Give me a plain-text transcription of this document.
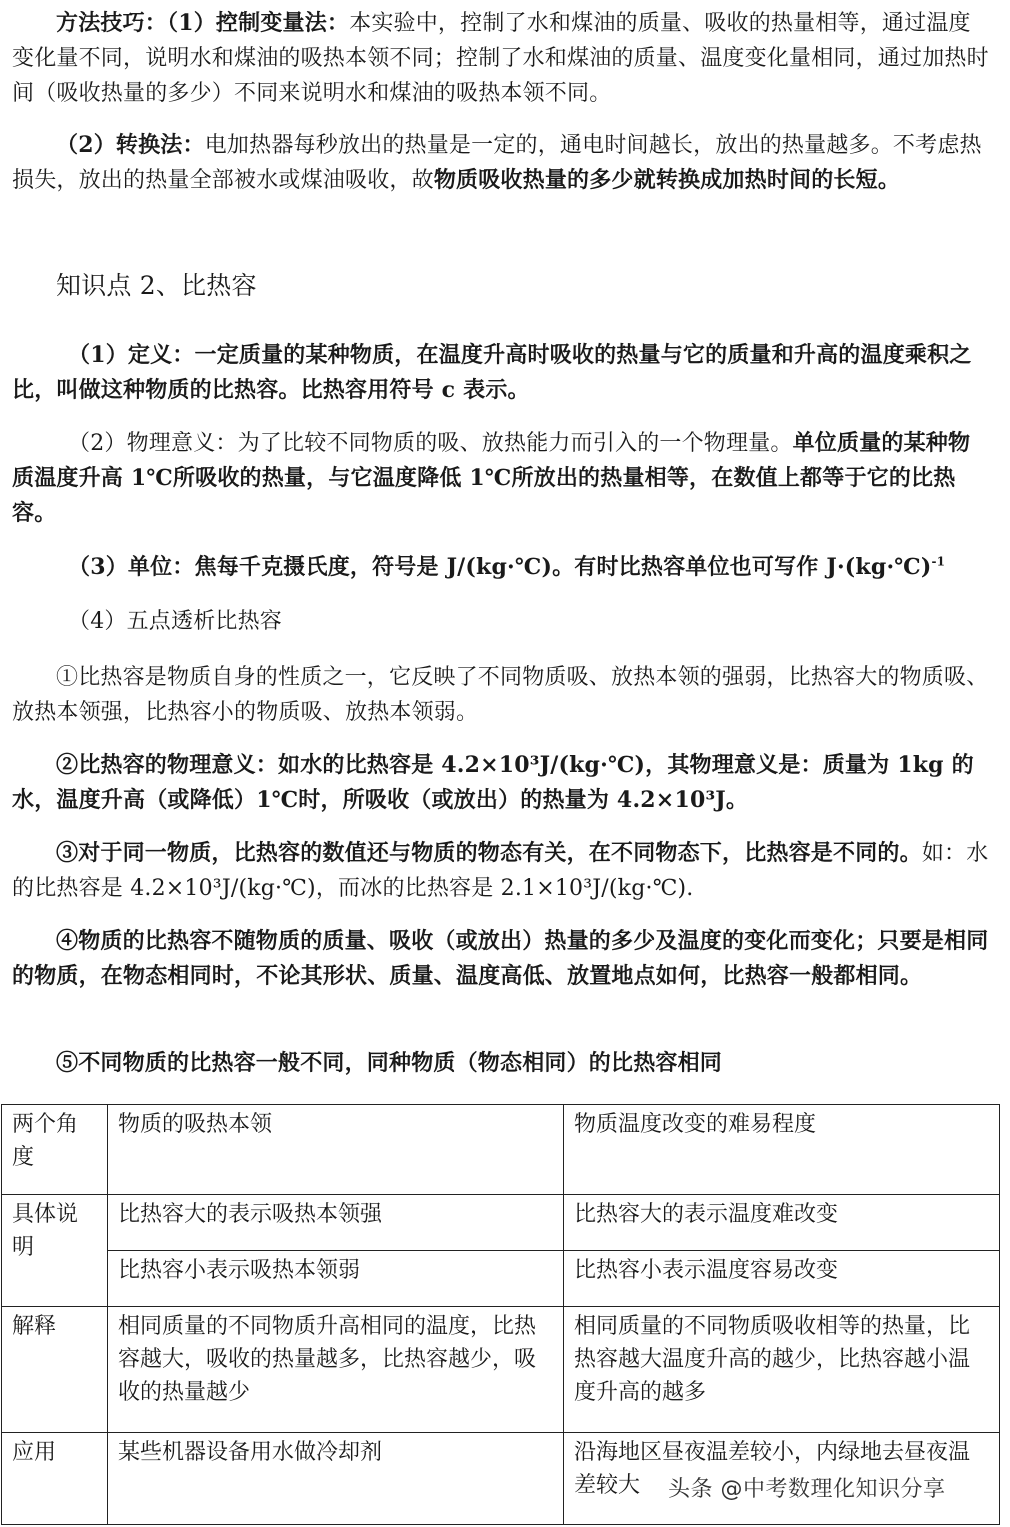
方法技巧：（1）控制变量法：本实验中，控制了水和煤油的质量、吸收的热量相等，通过温度变化量不同，说明水和煤油的吸热本领不同；控制了水和煤油的质量、温度变化量相同，通过加热时间（吸收热量的多少）不同来说明水和煤油的吸热本领不同。
（2）转换法：电加热器每秒放出的热量是一定的，通电时间越长，放出的热量越多。不考虑热损失，放出的热量全部被水或煤油吸收，故物质吸收热量的多少就转换成加热时间的长短。
知识点 2、比热容
（1）定义：一定质量的某种物质，在温度升高时吸收的热量与它的质量和升高的温度乘积之比，叫做这种物质的比热容。比热容用符号 c 表示。
（2）物理意义：为了比较不同物质的吸、放热能力而引入的一个物理量。单位质量的某种物质温度升高 1℃所吸收的热量，与它温度降低 1℃所放出的热量相等，在数值上都等于它的比热容。
（3）单位：焦每千克摄氏度，符号是 J/(kg·℃)。有时比热容单位也可写作 J·(kg·℃)$^{-1}$
（4）五点透析比热容
①比热容是物质自身的性质之一，它反映了不同物质吸、放热本领的强弱，比热容大的物质吸、放热本领强，比热容小的物质吸、放热本领弱。
②比热容的物理意义：如水的比热容是 4.2×10³J/(kg·℃)，其物理意义是：质量为 1kg 的水，温度升高（或降低）1℃时，所吸收（或放出）的热量为 4.2×10³J。
③对于同一物质，比热容的数值还与物质的物态有关，在不同物态下，比热容是不同的。如：水的比热容是 4.2×10³J/(kg·℃)，而冰的比热容是 2.1×10³J/(kg·℃).
④物质的比热容不随物质的质量、吸收（或放出）热量的多少及温度的变化而变化；只要是相同的物质，在物态相同时，不论其形状、质量、温度高低、放置地点如何，比热容一般都相同。
⑤不同物质的比热容一般不同，同种物质（物态相同）的比热容相同
两个角度	物质的吸热本领	物质温度改变的难易程度
具体说明	比热容大的表示吸热本领强	比热容大的表示温度难改变
	比热容小表示吸热本领弱	比热容小表示温度容易改变
解释	相同质量的不同物质升高相同的温度，比热容越大，吸收的热量越多，比热容越少，吸收的热量越少	相同质量的不同物质吸收相等的热量，比热容越大温度升高的越少，比热容越小温度升高的越多
应用	某些机器设备用水做冷却剂	沿海地区昼夜温差较小，内绿地去昼夜温差较大 头条 @中考数理化知识分享
